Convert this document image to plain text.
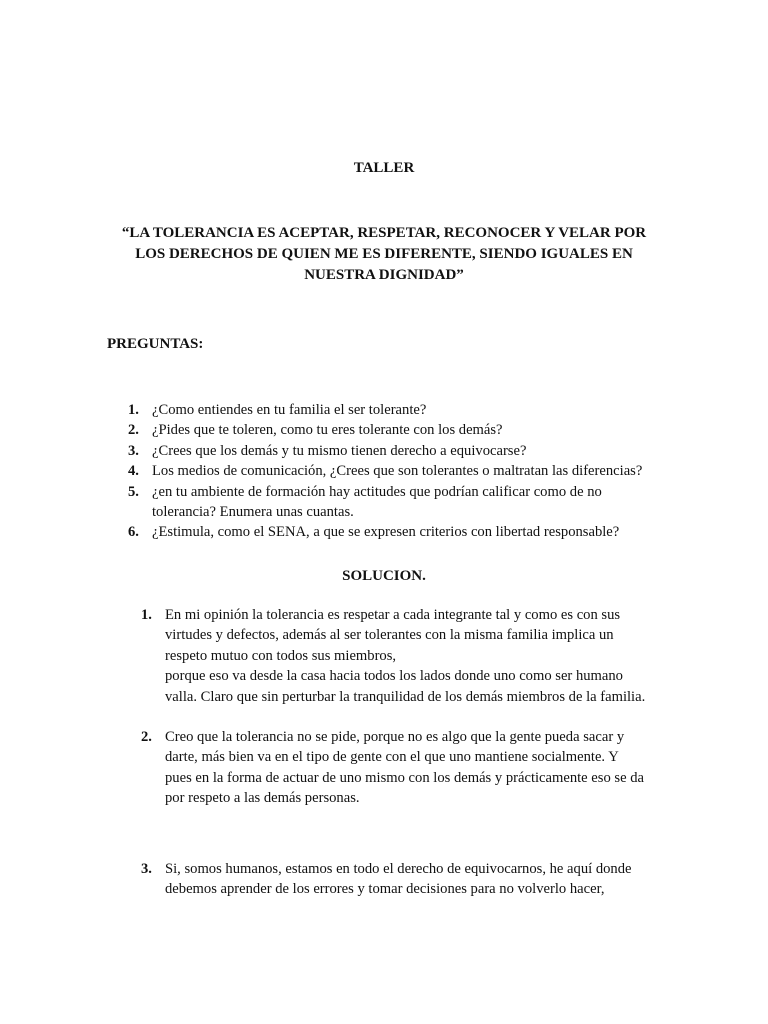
TALLER
“LA TOLERANCIA ES ACEPTAR, RESPETAR, RECONOCER Y VELAR POR
LOS DERECHOS DE QUIEN ME ES DIFERENTE, SIENDO IGUALES EN
NUESTRA DIGNIDAD”
PREGUNTAS:
1. ¿Como entiendes en tu familia el ser tolerante?
2. ¿Pides que te toleren, como tu eres tolerante con los demás?
3. ¿Crees que los demás y tu mismo tienen derecho a equivocarse?
4. Los medios de comunicación, ¿Crees que son tolerantes o maltratan las diferencias?
5. ¿en tu ambiente de formación hay actitudes que podrían calificar como de no
tolerancia? Enumera unas cuantas.
6. ¿Estimula, como el SENA, a que se expresen criterios con libertad responsable?
SOLUCION.
1. En mi opinión la tolerancia es respetar a cada integrante tal y como es con sus
virtudes y defectos, además al ser tolerantes con la misma familia implica un
respeto mutuo con todos sus miembros,
porque eso va desde la casa hacia todos los lados donde uno como ser humano
valla. Claro que sin perturbar la tranquilidad de los demás miembros de la familia.
2. Creo que la tolerancia no se pide, porque no es algo que la gente pueda sacar y
darte, más bien va en el tipo de gente con el que uno mantiene socialmente. Y
pues en la forma de actuar de uno mismo con los demás y prácticamente eso se da
por respeto a las demás personas.
3. Si, somos humanos, estamos en todo el derecho de equivocarnos, he aquí donde
debemos aprender de los errores y tomar decisiones para no volverlo hacer,
